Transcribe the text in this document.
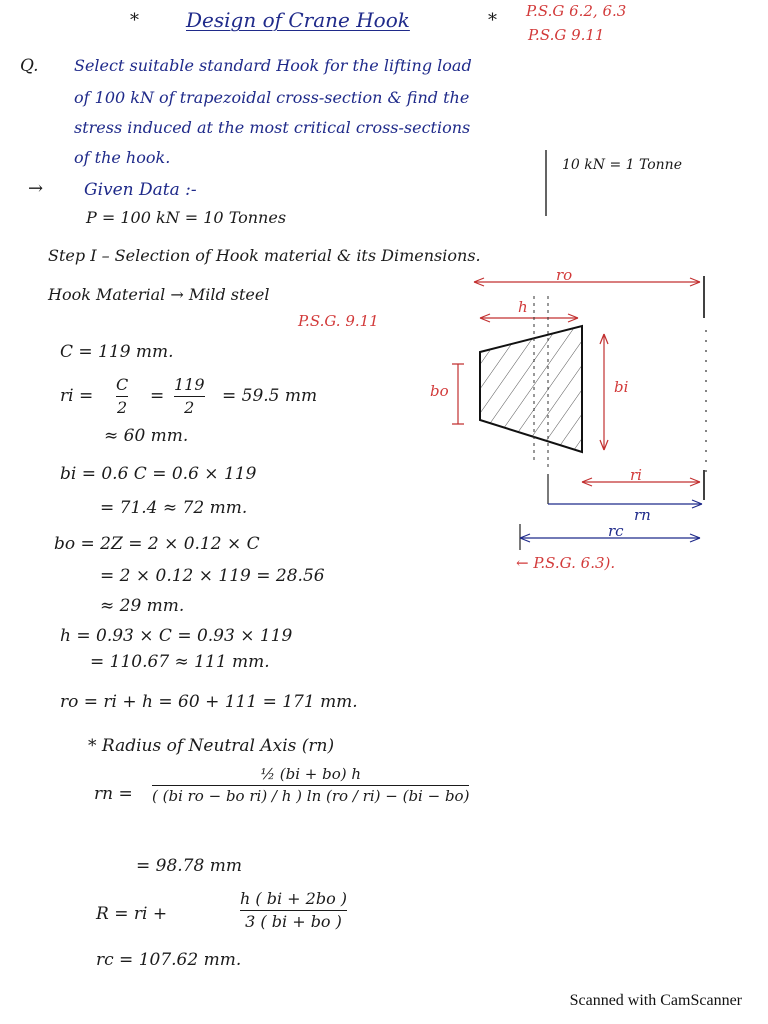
* Design of Crane Hook	* P.S.G 6.2, 6.3
P.S.G 9.11
Q. Select suitable standard Hook for the lifting load
of 100 kN of trapezoidal cross-section & find the
stress induced at the most critical cross-sections
of the hook.	10 kN = 1 Tonne
→ Given Data :-
P = 100 kN = 10 Tonnes
Step I – Selection of Hook material & its Dimensions.
Hook Material → Mild steel
P.S.G. 9.11
C = 119 mm.
ri =
C
2
=
119
2
= 59.5 mm
≈ 60 mm.
bi = 0.6 C = 0.6 × 119
= 71.4 ≈ 72 mm.
bo = 2Z = 2 × 0.12 × C
= 2 × 0.12 × 119 = 28.56
≈ 29 mm.
h = 0.93 × C = 0.93 × 119
= 110.67 ≈ 111 mm.
ro = ri + h = 60 + 111 = 171 mm.
* Radius of Neutral Axis (rn)
rn =
½ (bi + bo) h
( (bi ro − bo ri) / h ) ln (ro / ri) − (bi − bo)
= 98.78 mm
R = ri +
h ( bi + 2bo )
3 ( bi + bo )
rc = 107.62 mm.
ro
h
bo	bi
ri
rn
rc
← P.S.G. 6.3).
Scanned with CamScanner
